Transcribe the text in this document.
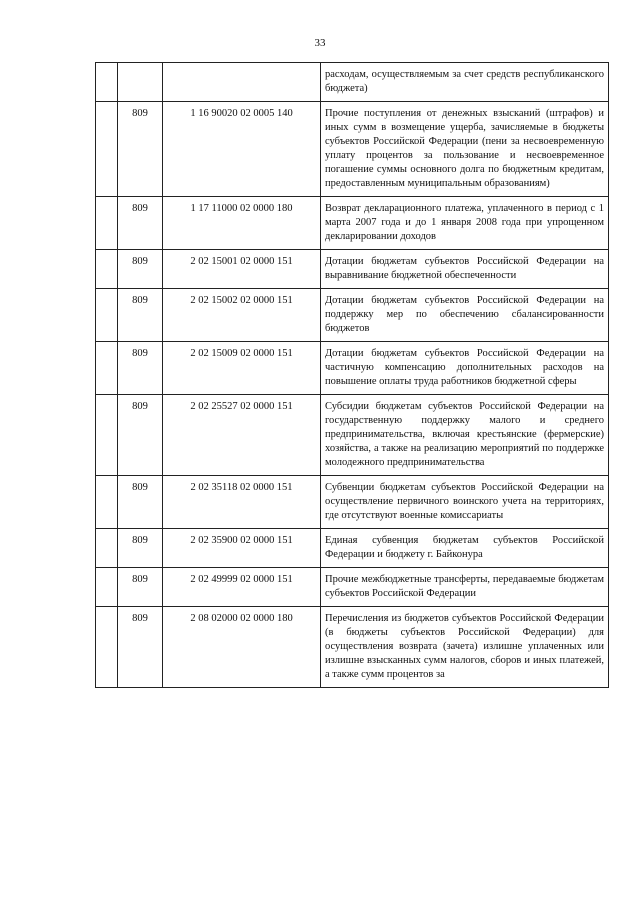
33
			расходам, осуществляемым за счет средств республиканского бюджета)
	809	1 16 90020 02 0005 140	Прочие поступления от денежных взысканий (штрафов) и иных сумм в возмещение ущерба, зачисляемые в бюджеты субъектов Российской Федерации (пени за несвоевременную уплату процентов за пользование и несвоевременное погашение суммы основного долга по бюджетным кредитам, предоставленным муниципальным образованиям)
	809	1 17 11000 02 0000 180	Возврат декларационного платежа, уплаченного в период с 1 марта 2007 года и до 1 января 2008 года при упрощенном декларировании доходов
	809	2 02 15001 02 0000 151	Дотации бюджетам субъектов Российской Федерации на выравнивание бюджетной обеспеченности
	809	2 02 15002 02 0000 151	Дотации бюджетам субъектов Российской Федерации на поддержку мер по обеспечению сбалансированности бюджетов
	809	2 02 15009 02 0000 151	Дотации бюджетам субъектов Российской Федерации на частичную компенсацию дополнительных расходов на повышение оплаты труда работников бюджетной сферы
	809	2 02 25527 02 0000 151	Субсидии бюджетам субъектов Российской Федерации на государственную поддержку малого и среднего предпринимательства, включая крестьянские (фермерские) хозяйства, а также на реализацию мероприятий по поддержке молодежного предпринимательства
	809	2 02 35118 02 0000 151	Субвенции бюджетам субъектов Российской Федерации на осуществление первичного воинского учета на территориях, где отсутствуют военные комиссариаты
	809	2 02 35900 02 0000 151	Единая субвенция бюджетам субъектов Российской Федерации и бюджету г. Байконура
	809	2 02 49999 02 0000 151	Прочие межбюджетные трансферты, передаваемые бюджетам субъектов Российской Федерации
	809	2 08 02000 02 0000 180	Перечисления из бюджетов субъектов Российской Федерации (в бюджеты субъектов Российской Федерации) для осуществления возврата (зачета) излишне уплаченных или излишне взысканных сумм налогов, сборов и иных платежей, а также сумм процентов за
